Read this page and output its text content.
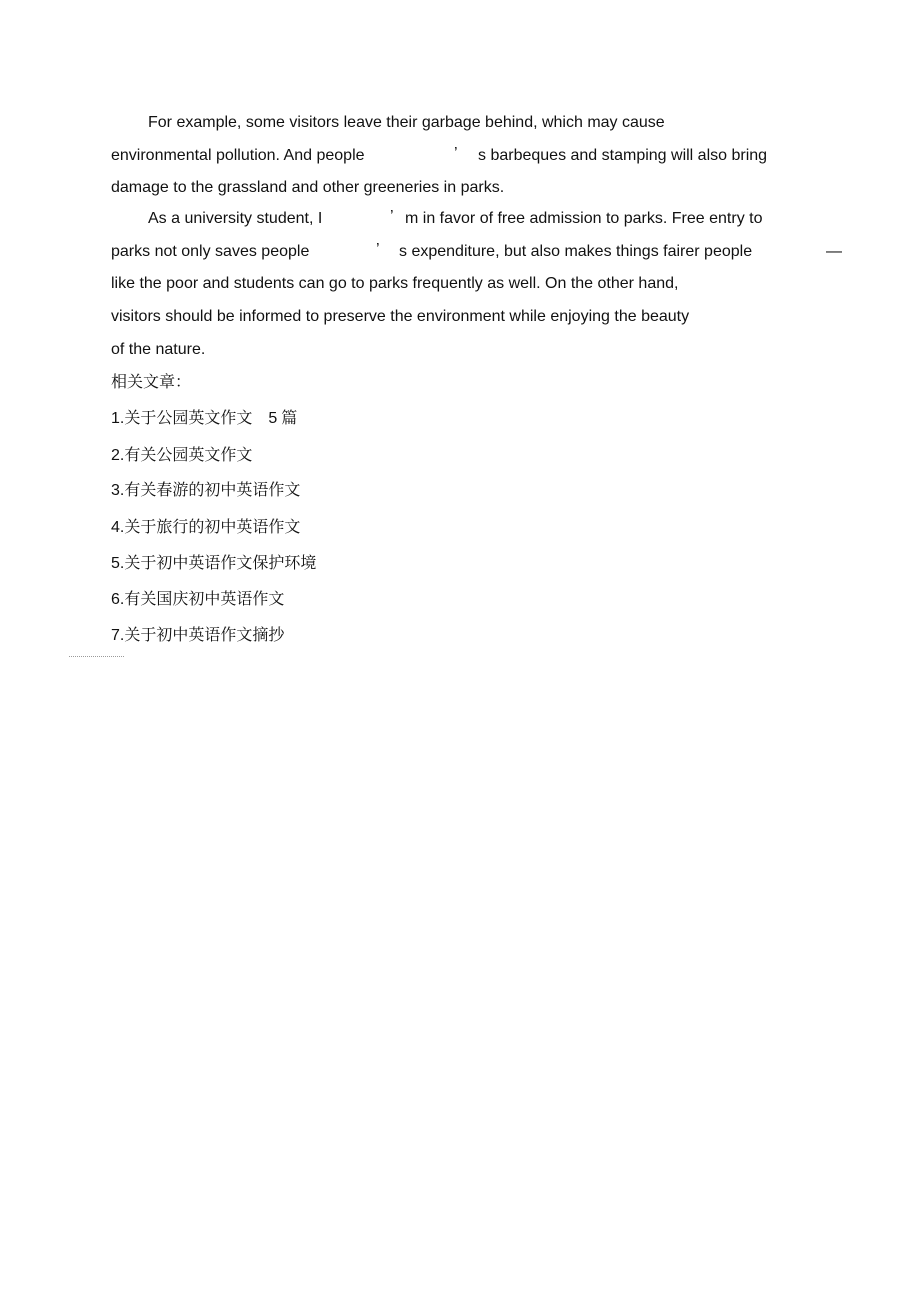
For example, some visitors leave their garbage behind, which may cause
environmental pollution. And people	’ s barbeques and stamping will also bring
damage to the grassland and other greeneries in parks.
As a university student, I	’ m in favor of free admission to parks. Free entry to
parks not only saves people	’ s expenditure, but also makes things fairer people	—
like the poor and students can go to parks frequently as well. On the other hand,
visitors should be informed to preserve the environment while enjoying the beauty
of the nature.
相关文章：
1.关于公园英文作文 5 篇
2.有关公园英文作文
3.有关春游的初中英语作文
4.关于旅行的初中英语作文
5.关于初中英语作文保护环境
6.有关国庆初中英语作文
7.关于初中英语作文摘抄
